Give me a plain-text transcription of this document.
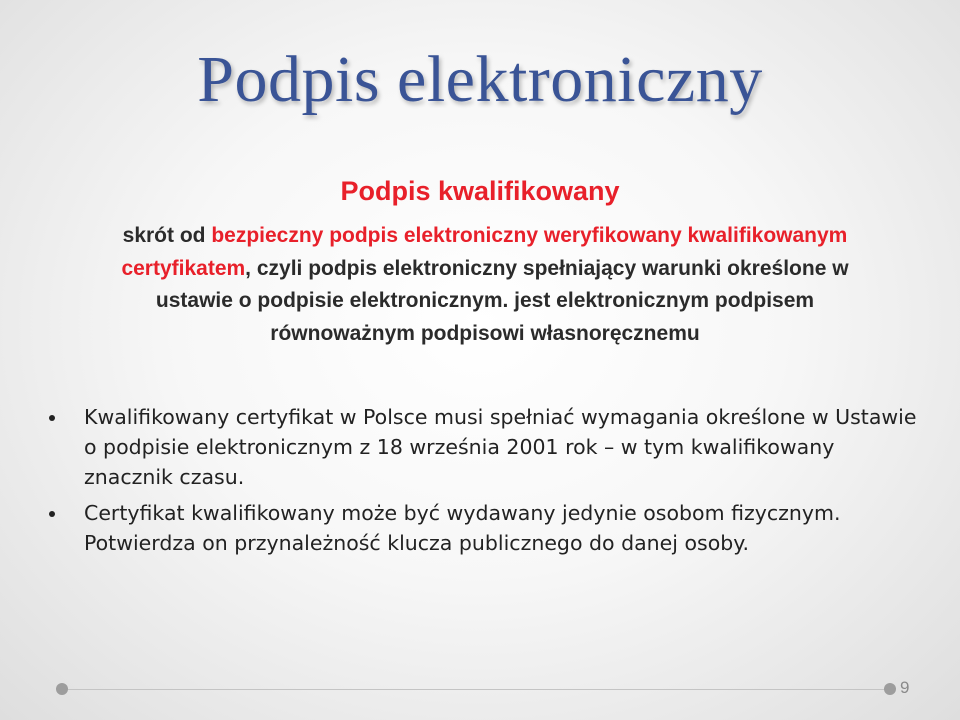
Podpis elektroniczny
Podpis kwalifikowany
skrót od bezpieczny podpis elektroniczny weryfikowany kwalifikowanym certyfikatem, czyli podpis elektroniczny spełniający warunki określone w ustawie o podpisie elektronicznym. jest elektronicznym podpisem równoważnym podpisowi własnoręcznemu
Kwalifikowany certyfikat w Polsce musi spełniać wymagania określone w Ustawie o podpisie elektronicznym z 18 września 2001 rok – w tym kwalifikowany znacznik czasu.
Certyfikat kwalifikowany może być wydawany jedynie osobom fizycznym. Potwierdza on przynależność klucza publicznego do danej osoby.
9
